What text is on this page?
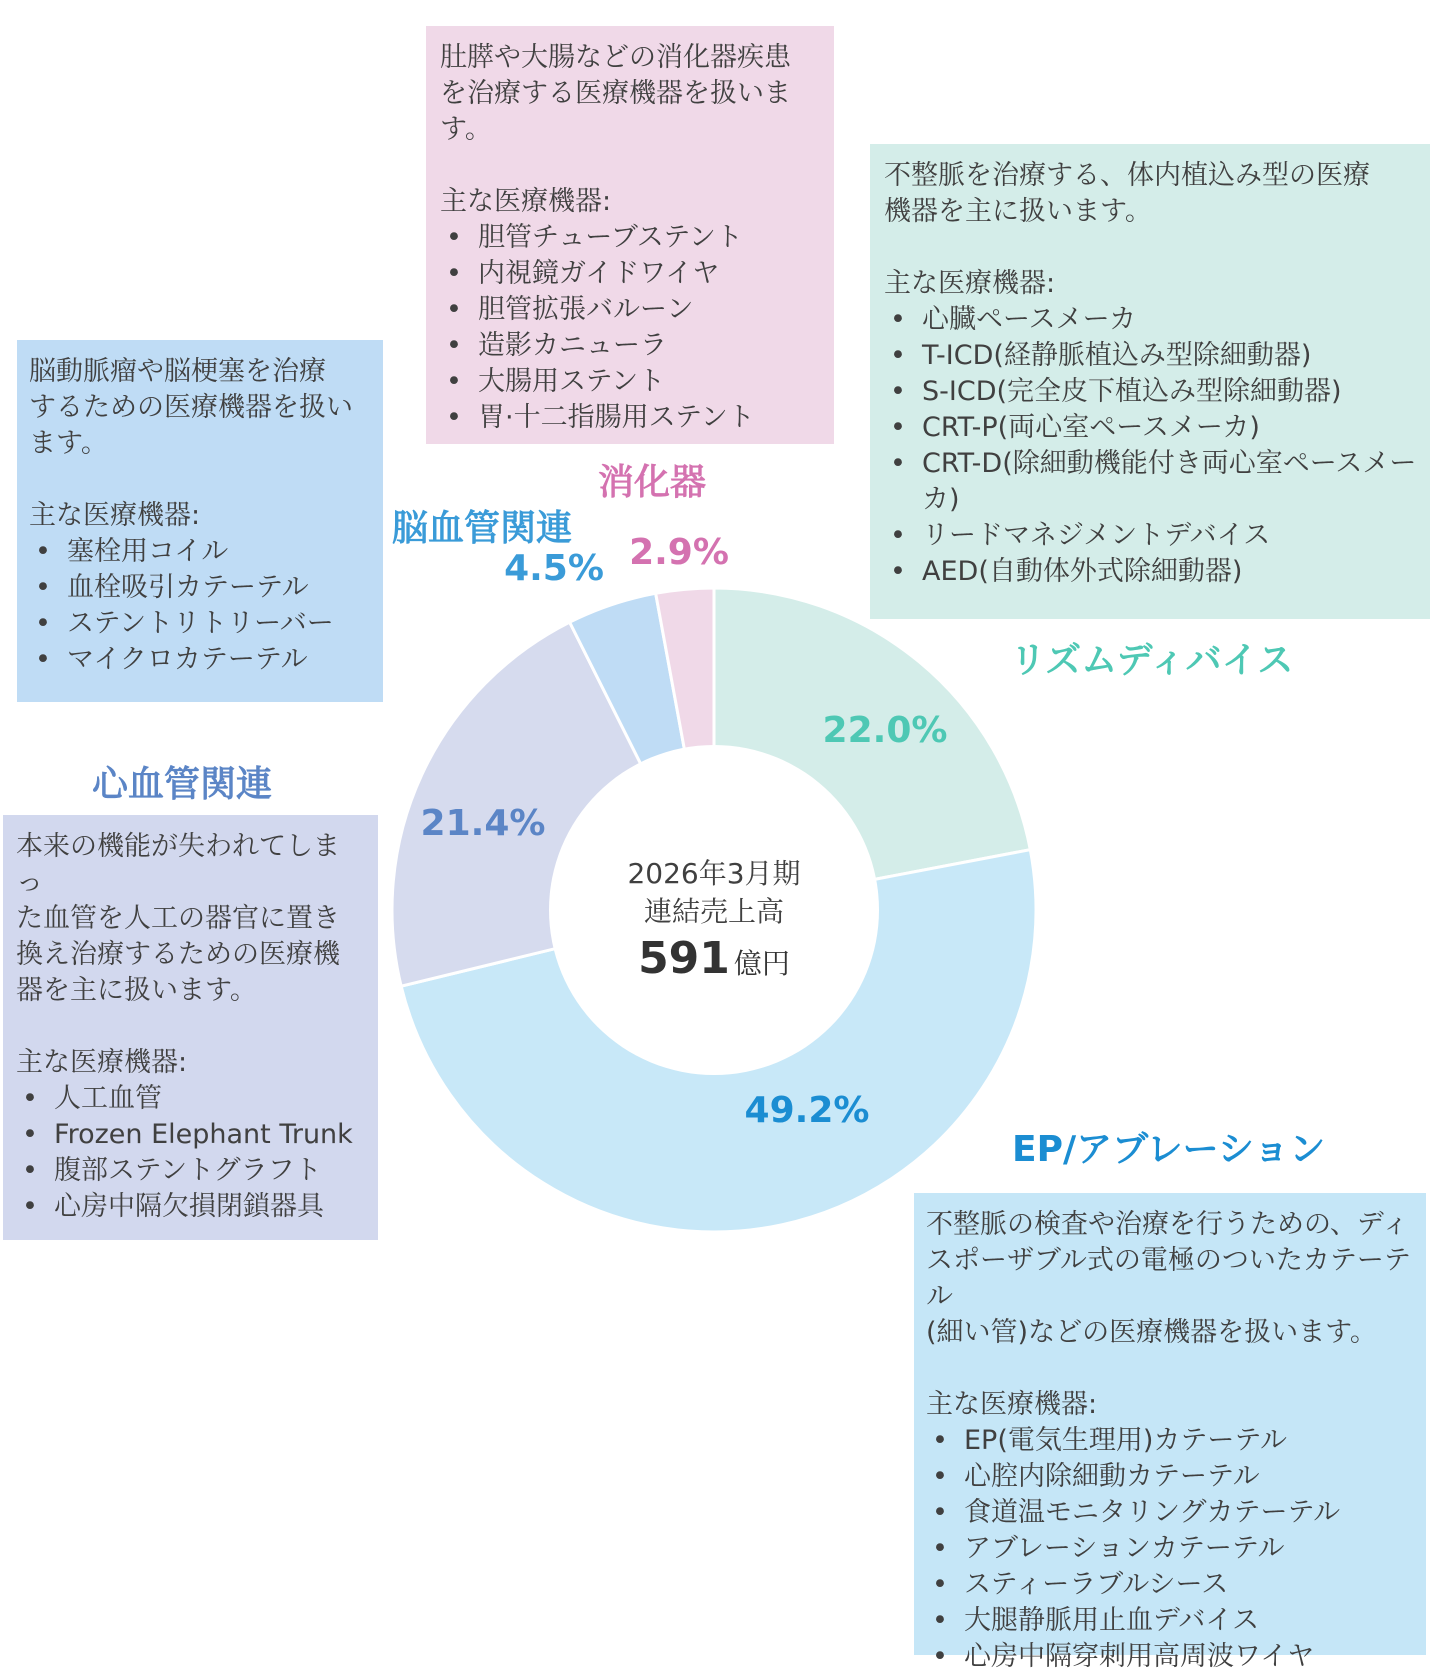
22.0%
49.2%
21.4%
4.5% 2.9%
2026年3月期
連結売上高
591 億円
消化器
脳血管関連
リズムディバイス
心血管関連
EP/アブレーション

肚膵や大腸などの消化器疾患

を治療する医療機器を扱います。

主な医療機器:

• 胆管チューブステント
• 内視鏡ガイドワイヤ
• 胆管拡張バルーン
• 造影カニューラ
• 大腸用ステント
• 胃·十二指腸用ステント

不整脈を治療する、体内植込み型の医療

機器を主に扱います。

主な医療機器:

• 心臓ペースメーカ
• T-ICD(経静脈植込み型除細動器)
• S-ICD(完全皮下植込み型除細動器)
• CRT-P(両心室ペースメーカ)
• CRT-D(除細動機能付き両心室ペースメーカ)
• リードマネジメントデバイス
• AED(自動体外式除細動器)

脳動脈瘤や脳梗塞を治療

するための医療機器を扱い

ます。

主な医療機器:

• 塞栓用コイル
• 血栓吸引カテーテル
• ステントリトリーバー
• マイクロカテーテル

本来の機能が失われてしまっ

た血管を人工の器官に置き

換え治療するための医療機

器を主に扱います。

主な医療機器:

• 人工血管
• Frozen Elephant Trunk
• 腹部ステントグラフト
• 心房中隔欠損閉鎖器具

不整脈の検査や治療を行うための、ディ

スポーザブル式の電極のついたカテーテル

(細い管)などの医療機器を扱います。

主な医療機器:

• EP(電気生理用)カテーテル
• 心腔内除細動カテーテル
• 食道温モニタリングカテーテル
• アブレーションカテーテル
• スティーラブルシース
• 大腿静脈用止血デバイス
• 心房中隔穿刺用高周波ワイヤ
